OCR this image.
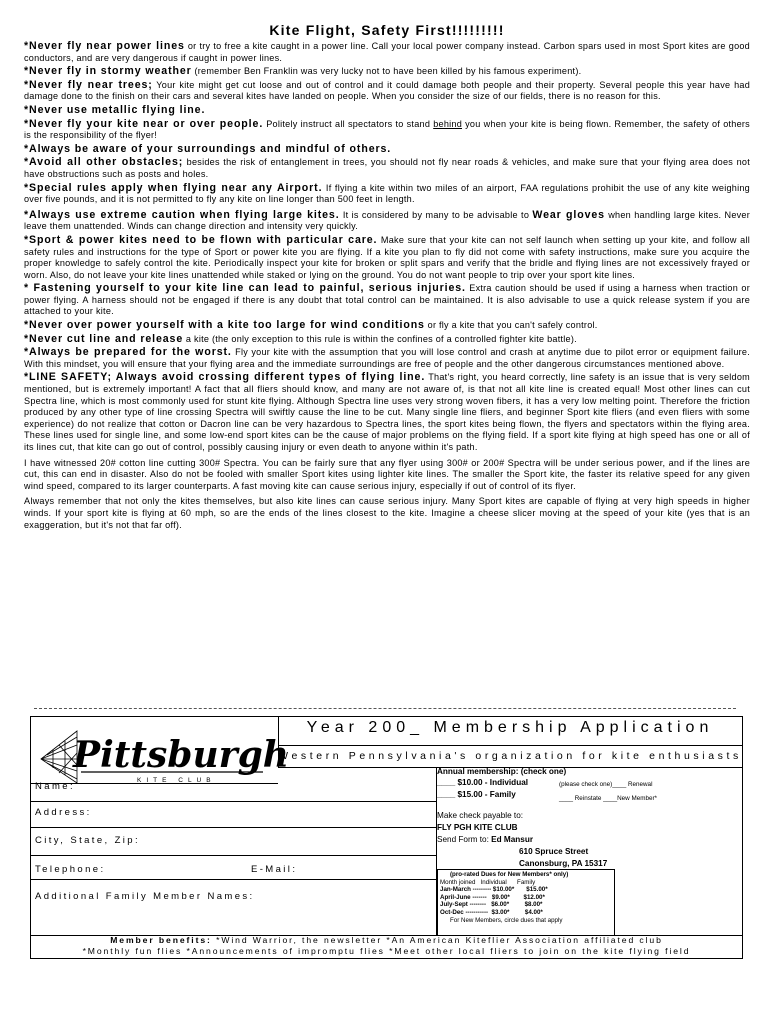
Kite Flight, Safety First!!!!!!!!!

*Never fly near power lines or try to free a kite caught in a power line. Call your local power company instead. Carbon spars used in most Sport kites are good conductors, and are very dangerous if caught in power lines.

*Never fly in stormy weather (remember Ben Franklin was very lucky not to have been killed by his famous experiment).

*Never fly near trees; Your kite might get cut loose and out of control and it could damage both people and their property. Several people this year have had damage done to the finish on their cars and several kites have landed on people. When you consider the size of our fields, there is no reason for this.

*Never use metallic flying line.

*Never fly your kite near or over people. Politely instruct all spectators to stand behind you when your kite is being flown. Remember, the safety of others is the responsibility of the flyer!

*Always be aware of your surroundings and mindful of others.

*Avoid all other obstacles; besides the risk of entanglement in trees, you should not fly near roads & vehicles, and make sure that your flying area does not have obstructions such as posts and holes.

*Special rules apply when flying near any Airport. If flying a kite within two miles of an airport, FAA regulations prohibit the use of any kite weighing over five pounds, and it is not permitted to fly any kite on line longer than 500 feet in length.

*Always use extreme caution when flying large kites. It is considered by many to be advisable to Wear gloves when handling large kites. Never leave them unattended. Winds can change direction and intensity very quickly.

*Sport & power kites need to be flown with particular care. Make sure that your kite can not self launch when setting up your kite, and follow all safety rules and instructions for the type of Sport or power kite you are flying. If a kite you plan to fly did not come with safety instructions, make sure you acquire the proper knowledge to safely control the kite. Periodically inspect your kite for broken or split spars and verify that the bridle and flying lines are not excessively frayed or worn. Also, do not leave your kite lines unattended while staked or lying on the ground. You do not want people to trip over your sport kite lines.

* Fastening yourself to your kite line can lead to painful, serious injuries. Extra caution should be used if using a harness when traction or power flying. A harness should not be engaged if there is any doubt that total control can be maintained. It is also advisable to use a quick release system if you are attached to your kite.

*Never over power yourself with a kite too large for wind conditions or fly a kite that you can't safely control.

*Never cut line and release a kite (the only exception to this rule is within the confines of a controlled fighter kite battle).

*Always be prepared for the worst. Fly your kite with the assumption that you will lose control and crash at anytime due to pilot error or equipment failure. With this mindset, you will ensure that your flying area and the immediate surroundings are free of people and the other dangerous circumstances mentioned above.

*LINE SAFETY; Always avoid crossing different types of flying line. That's right, you heard correctly, line safety is an issue that is very seldom mentioned, but is extremely important! A fact that all fliers should know, and many are not aware of, is that not all kite line is created equal! Most other lines can cut Spectra line, which is most commonly used for stunt kite flying. Although Spectra line uses very strong woven fibers, it has a very low melting point. Therefore the friction produced by any other type of line crossing Spectra will swiftly cause the line to be cut. Many single line fliers, and beginner Sport kite fliers (and even fliers with some experience) do not realize that cotton or Dacron line can be very hazardous to Spectra lines, the sport kites being flown, the flyers and spectators within the flying area. These lines used for single line, and some low-end sport kites can be the cause of major problems on the flying field. If a sport kite flying at high speed has one or all of its lines cut, that kite can go out of control, possibly causing injury or even death to anyone within it's path.

I have witnessed 20# cotton line cutting 300# Spectra. You can be fairly sure that any flyer using 300# or 200# Spectra will be under serious power, and if the lines are cut, this can end in disaster. Also do not be fooled with smaller Sport kites using lighter kite lines. The smaller the Sport kite, the faster its relative speed for any given wind speed, compared to its larger counterparts. A fast moving kite can cause serious injury, especially if out of control of its flyer.

Always remember that not only the kites themselves, but also kite lines can cause serious injury. Many Sport kites are capable of flying at very high speeds in higher winds. If your sport kite is flying at 60 mph, so are the ends of the lines closest to the kite. Imagine a cheese slicer moving at the speed of your kite (yes that is an exaggeration, but it's not that far off).

Pittsburgh
KITE CLUB
Year 200_ Membership Application
Western Pennsylvania's organization for kite enthusiasts
Name:
Address:
City, State, Zip:
Telephone:	E-Mail:
Additional Family Member Names:
Annual membership: (check one)
____ $10.00 - Individual	(please check one)____ Renewal
____ $15.00 - Family	____ Reinstate ____New Member*
Make check payable to:
FLY PGH KITE CLUB
Send Form to: Ed Mansur
610 Spruce Street
Canonsburg, PA 15317
(pro-rated Dues for New Members* only)
Month joined   Individual      Family
Jan-March --------- $10.00*       $15.00*
April-June -------   $9.00*        $12.00*
July-Sept --------   $6.00*         $8.00*
Oct-Dec -----------  $3.00*         $4.00*
For New Members, circle dues that apply
Member benefits: *Wind Warrior, the newsletter *An American Kiteflier Association affiliated club
*Monthly fun flies *Announcements of impromptu flies *Meet other local fliers to join on the kite flying field
